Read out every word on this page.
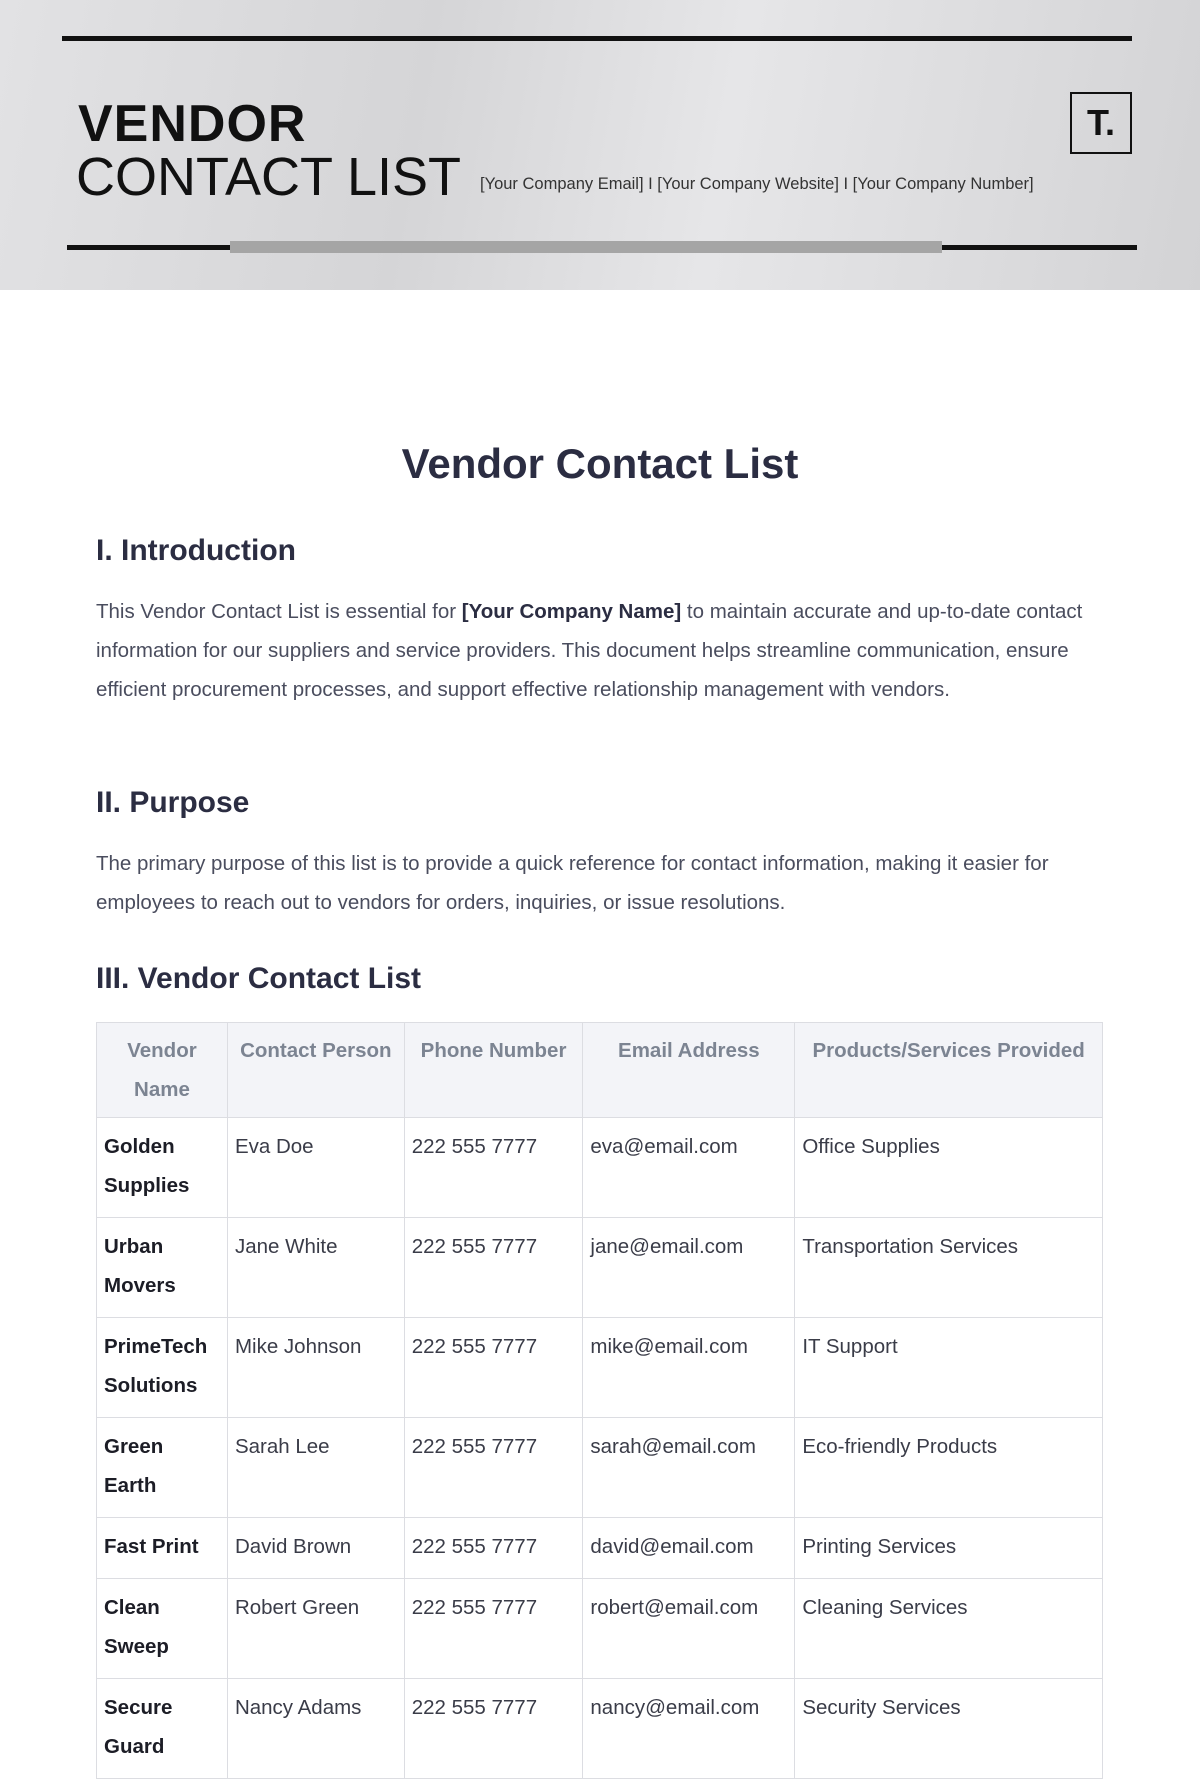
VENDOR
CONTACT LIST [Your Company Email] I [Your Company Website] I [Your Company Number]
T.
Vendor Contact List
I. Introduction

This Vendor Contact List is essential for [Your Company Name] to maintain accurate and up-to-date contact information for our suppliers and service providers. This document helps streamline communication, ensure efficient procurement processes, and support effective relationship management with vendors.

II. Purpose

The primary purpose of this list is to provide a quick reference for contact information, making it easier for employees to reach out to vendors for orders, inquiries, or issue resolutions.

III. Vendor Contact List
Vendor Name	Contact Person	Phone Number	Email Address	Products/Services Provided
Golden Supplies	Eva Doe	222 555 7777	eva@email.com	Office Supplies
Urban Movers	Jane White	222 555 7777	jane@email.com	Transportation Services
PrimeTech Solutions	Mike Johnson	222 555 7777	mike@email.com	IT Support
Green Earth	Sarah Lee	222 555 7777	sarah@email.com	Eco-friendly Products
Fast Print	David Brown	222 555 7777	david@email.com	Printing Services
Clean Sweep	Robert Green	222 555 7777	robert@email.com	Cleaning Services
Secure Guard	Nancy Adams	222 555 7777	nancy@email.com	Security Services
